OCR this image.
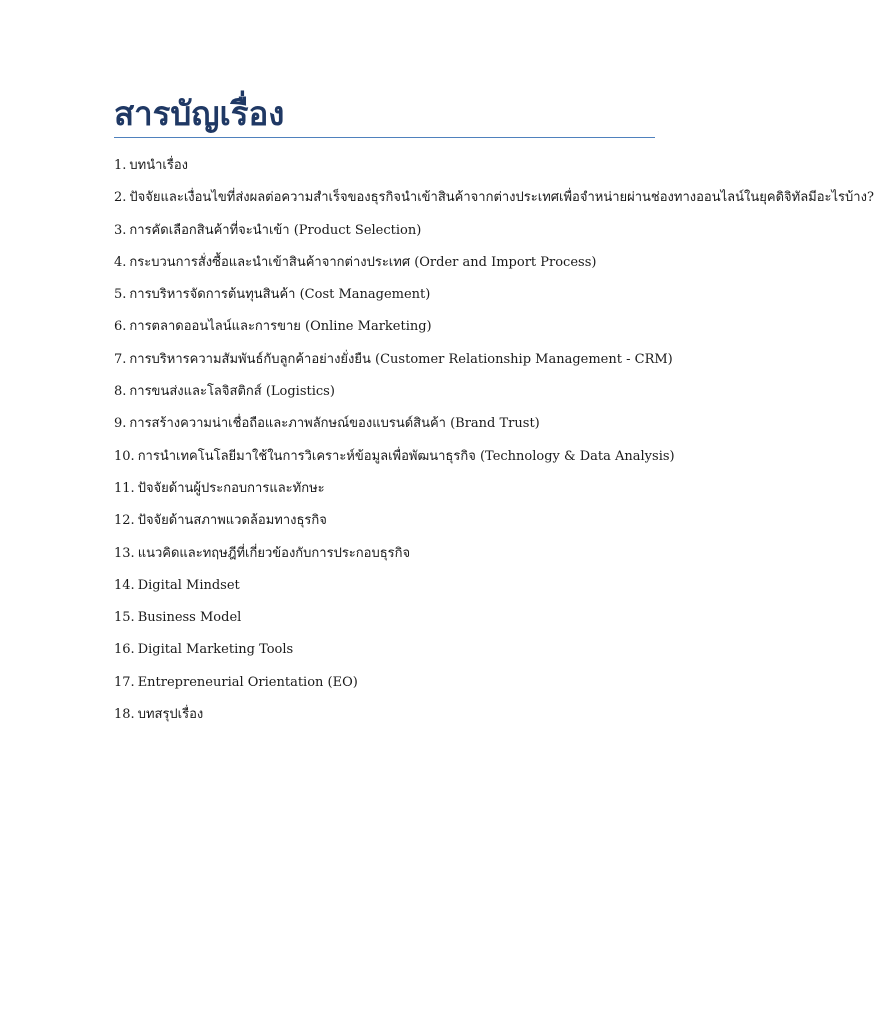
สารบัญเรื่อง
1. บทนำเรื่อง
2. ปัจจัยและเงื่อนไขที่ส่งผลต่อความสำเร็จของธุรกิจนำเข้าสินค้าจากต่างประเทศเพื่อจำหน่ายผ่านช่องทางออนไลน์ในยุคดิจิทัลมีอะไรบ้าง?
3. การคัดเลือกสินค้าที่จะนำเข้า (Product Selection)
4. กระบวนการสั่งซื้อและนำเข้าสินค้าจากต่างประเทศ (Order and Import Process)
5. การบริหารจัดการต้นทุนสินค้า (Cost Management)
6. การตลาดออนไลน์และการขาย (Online Marketing)
7. การบริหารความสัมพันธ์กับลูกค้าอย่างยั่งยืน (Customer Relationship Management - CRM)
8. การขนส่งและโลจิสติกส์ (Logistics)
9. การสร้างความน่าเชื่อถือและภาพลักษณ์ของแบรนด์สินค้า (Brand Trust)
10. การนำเทคโนโลยีมาใช้ในการวิเคราะห์ข้อมูลเพื่อพัฒนาธุรกิจ (Technology & Data Analysis)
11. ปัจจัยด้านผู้ประกอบการและทักษะ
12. ปัจจัยด้านสภาพแวดล้อมทางธุรกิจ
13. แนวคิดและทฤษฎีที่เกี่ยวข้องกับการประกอบธุรกิจ
14. Digital Mindset
15. Business Model
16. Digital Marketing Tools
17. Entrepreneurial Orientation (EO)
18. บทสรุปเรื่อง
